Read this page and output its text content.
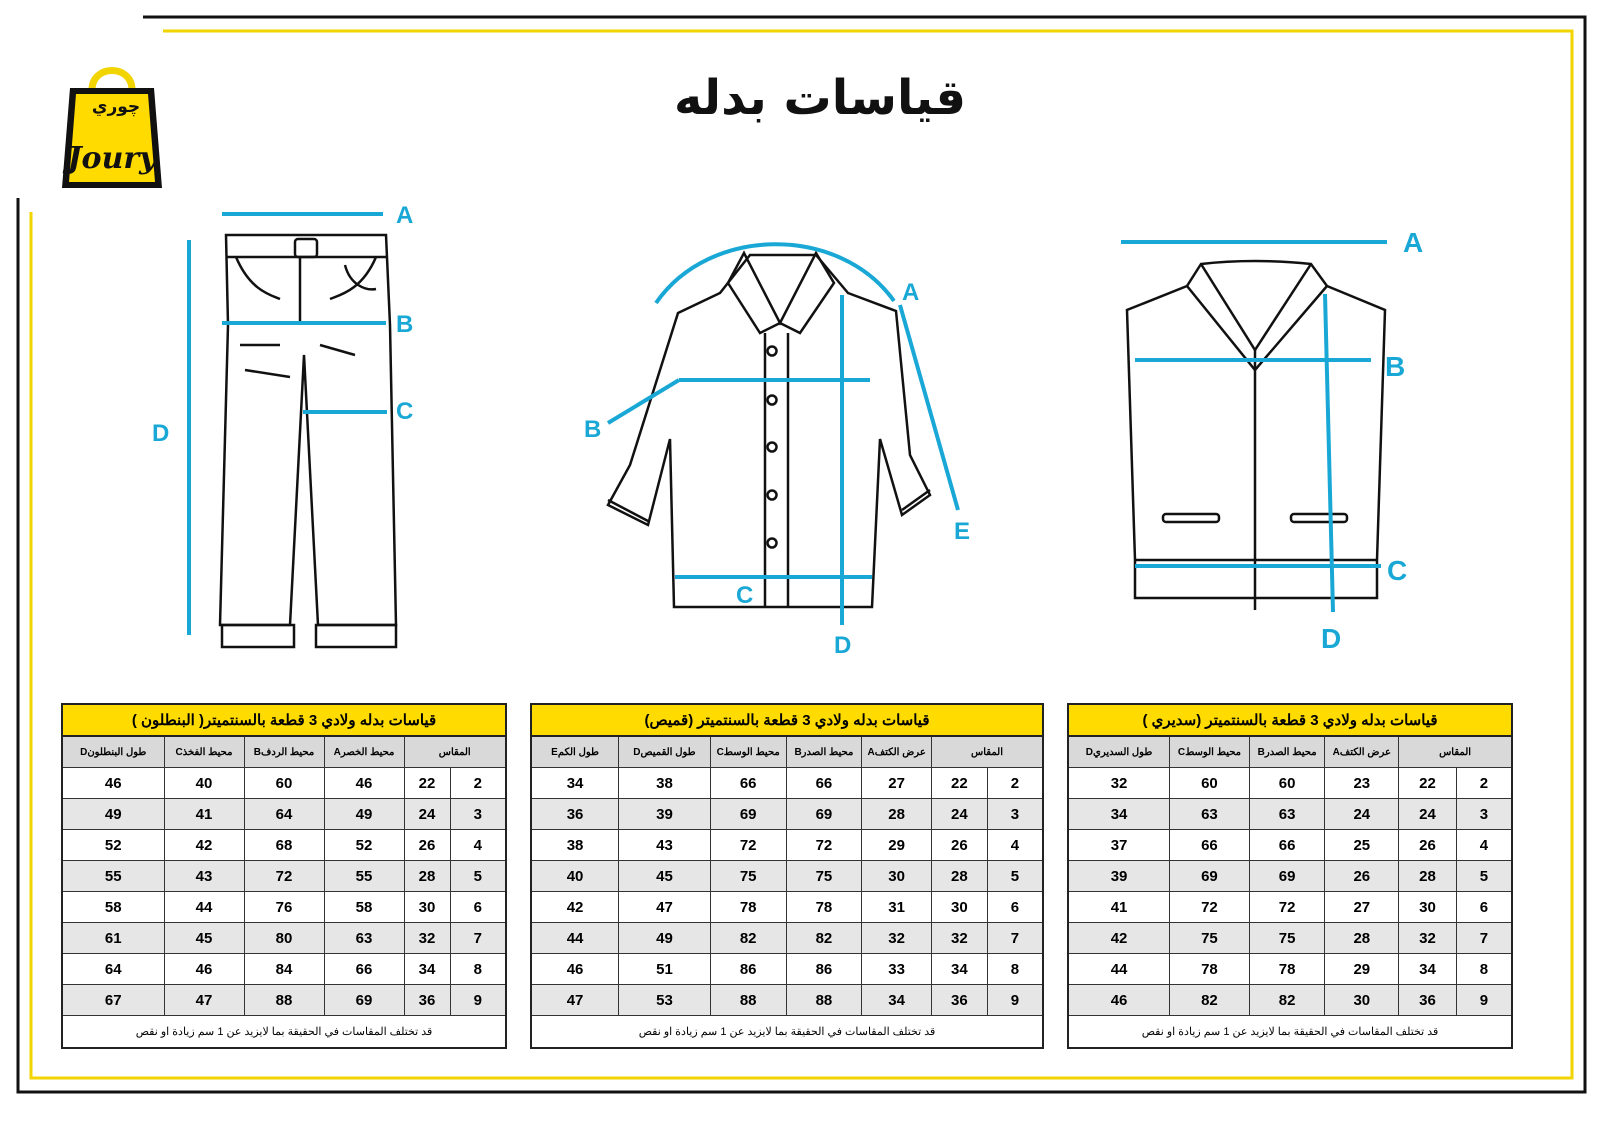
چوري
Joury
قياسات بدله
A
B
C
D
A
B
C
D
E
A
B
C
D
قياسات بدله ولادي 3 قطعة بالسنتميتر( البنطلون )					
المقاس		محيط الخصرA	محيط الردفB	محيط الفخذC	طول البنطلونD
2	22	46	60	40	46
3	24	49	64	41	49
4	26	52	68	42	52
5	28	55	72	43	55
6	30	58	76	44	58
7	32	63	80	45	61
8	34	66	84	46	64
9	36	69	88	47	67
قد تختلف المقاسات في الحقيقة بما لايزيد عن 1 سم زيادة او نقص					
قياسات بدله ولادي 3 قطعة بالسنتميتر (قميص)						
المقاس		عرض الكتفA	محيط الصدرB	محيط الوسطC	طول القميصD	طول الكمE
2	22	27	66	66	38	34
3	24	28	69	69	39	36
4	26	29	72	72	43	38
5	28	30	75	75	45	40
6	30	31	78	78	47	42
7	32	32	82	82	49	44
8	34	33	86	86	51	46
9	36	34	88	88	53	47
قد تختلف المقاسات في الحقيقة بما لايزيد عن 1 سم زيادة او نقص						
قياسات بدله ولادي 3 قطعة بالسنتميتر (سديري )					
المقاس		عرض الكتفA	محيط الصدرB	محيط الوسطC	طول السديريD
2	22	23	60	60	32
3	24	24	63	63	34
4	26	25	66	66	37
5	28	26	69	69	39
6	30	27	72	72	41
7	32	28	75	75	42
8	34	29	78	78	44
9	36	30	82	82	46
قد تختلف المقاسات في الحقيقة بما لايزيد عن 1 سم زيادة او نقص					
